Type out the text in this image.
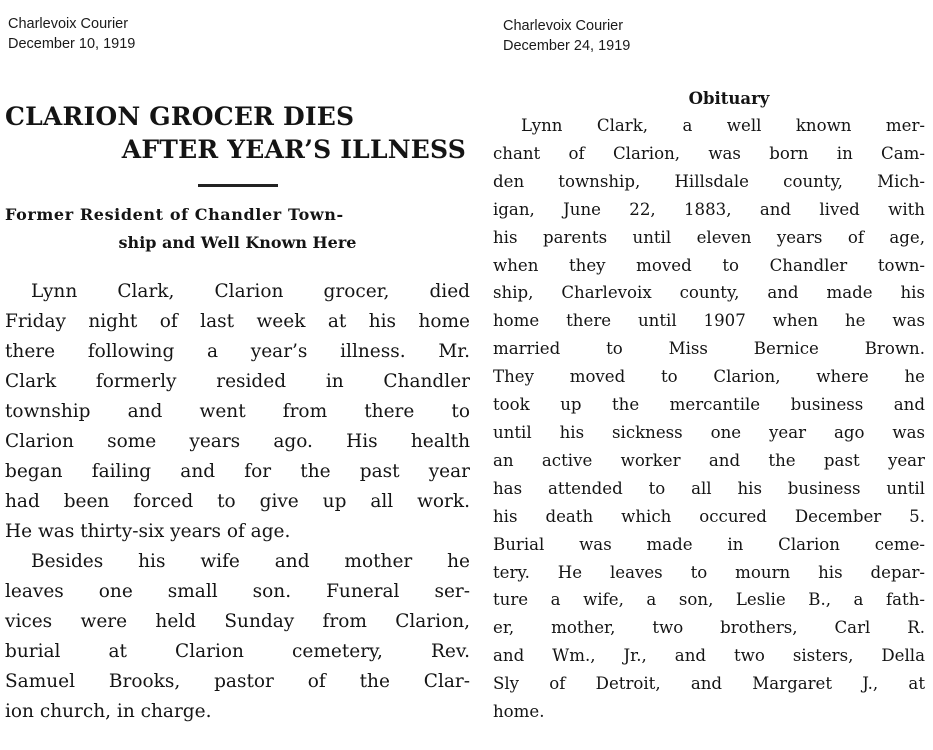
Charlevoix Courier
December 10, 1919
Charlevoix Courier
December 24, 1919
CLARION GROCER DIES
AFTER YEAR’S ILLNESS
Former Resident of Chandler Town-
ship and Well Known Here
Lynn Clark, Clarion grocer, died
Friday night of last week at his home
there following a year’s illness. Mr.
Clark formerly resided in Chandler
township and went from there to
Clarion some years ago. His health
began failing and for the past year
had been forced to give up all work.
He was thirty-six years of age.
Besides his wife and mother he
leaves one small son. Funeral ser-
vices were held Sunday from Clarion,
burial at Clarion cemetery, Rev.
Samuel Brooks, pastor of the Clar-
ion church, in charge.
Obituary
Lynn Clark, a well known mer-
chant of Clarion, was born in Cam-
den township, Hillsdale county, Mich-
igan, June 22, 1883, and lived with
his parents until eleven years of age,
when they moved to Chandler town-
ship, Charlevoix county, and made his
home there until 1907 when he was
married to Miss Bernice Brown.
They moved to Clarion, where he
took up the mercantile business and
until his sickness one year ago was
an active worker and the past year
has attended to all his business until
his death which occured December 5.
Burial was made in Clarion ceme-
tery. He leaves to mourn his depar-
ture a wife, a son, Leslie B., a fath-
er, mother, two brothers, Carl R.
and Wm., Jr., and two sisters, Della
Sly of Detroit, and Margaret J., at
home.
